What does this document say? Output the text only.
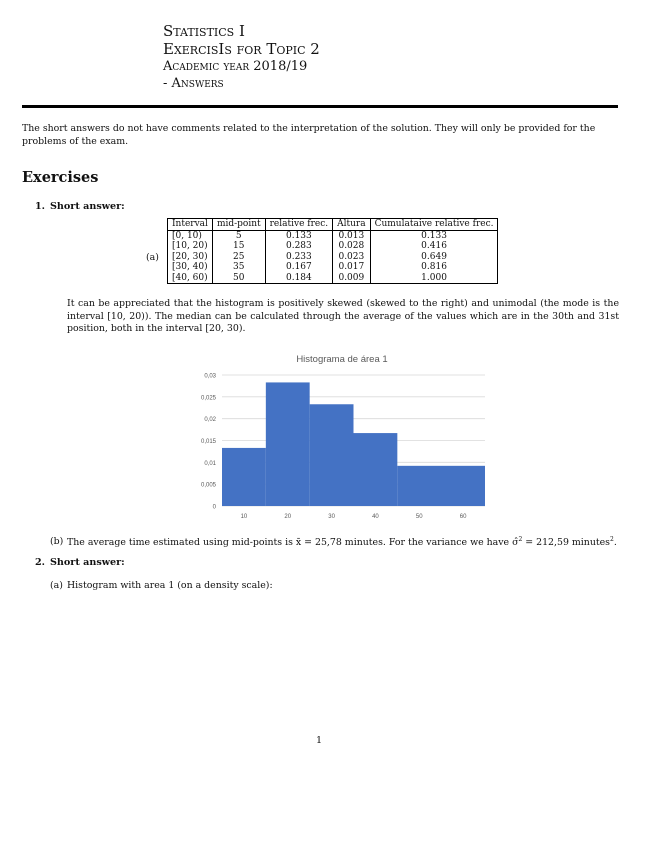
Statistics I
ExercisIs for Topic 2
Academic year 2018/19
- Answers
The short answers do not have comments related to the interpretation of the solution. They will only be provided for the problems of the exam.
Exercises
1. Short answer:
(a)
Interval	mid-point	relative frec.	Altura	Cumulataive relative frec.
[0, 10)	5	0.133	0.013	0.133
[10, 20)	15	0.283	0.028	0.416
[20, 30)	25	0.233	0.023	0.649
[30, 40)	35	0.167	0.017	0.816
[40, 60)	50	0.184	0.009	1.000
It can be appreciated that the histogram is positively skewed (skewed to the right) and unimodal (the mode is the interval [10, 20)). The median can be calculated through the average of the values which are in the 30th and 31st position, both in the interval [20, 30).
Histograma de área 1
0
0,005
0,01
0,015
0,02
0,025
0,03
10	20	30	40	50	60
(b) The average time estimated using mid-points is x̄ = 25,78 minutes. For the variance we have σ̂$^2$ = 212,59 minutes$^2$.
2. Short answer:
(a) Histogram with area 1 (on a density scale):
1
